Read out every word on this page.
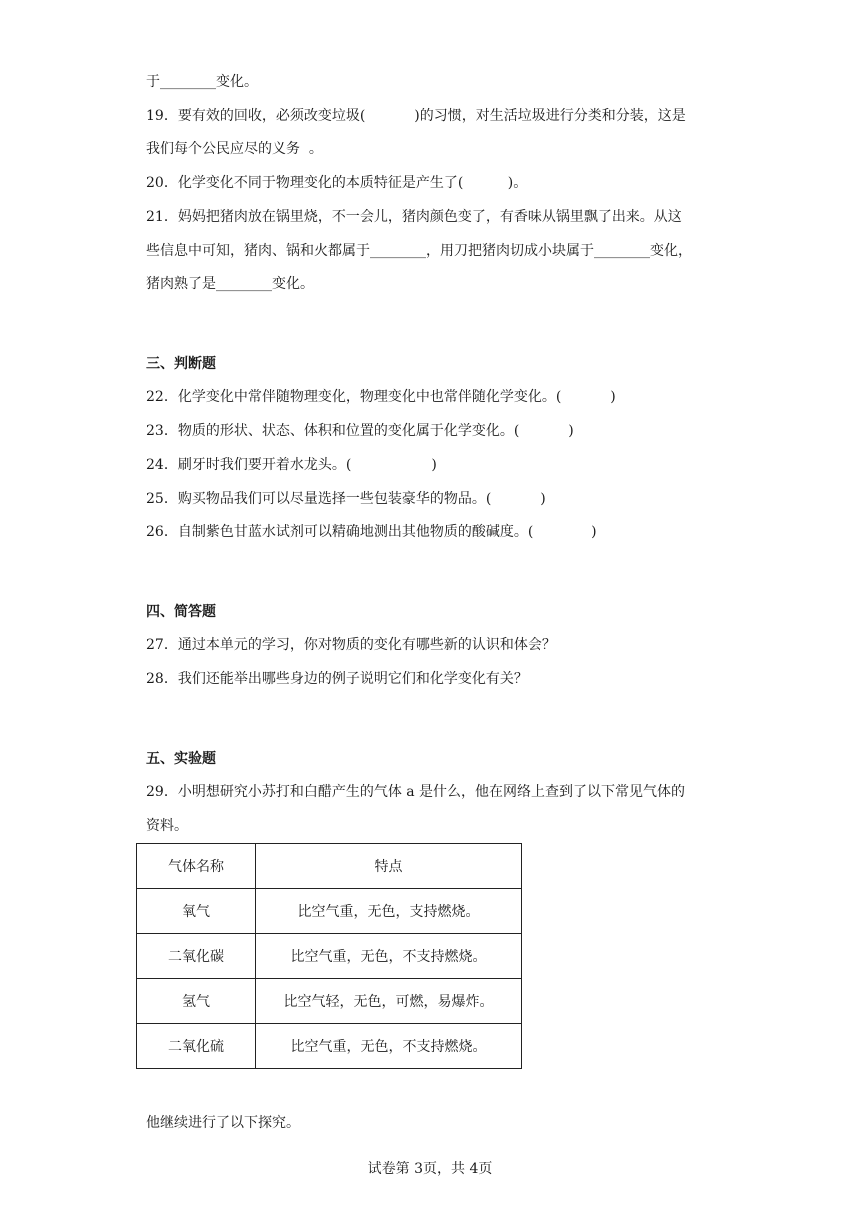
于________变化。
19．要有效的回收，必须改变垃圾(           )的习惯，对生活垃圾进行分类和分装，这是
我们每个公民应尽的义务  。
20．化学变化不同于物理变化的本质特征是产生了(          )。
21．妈妈把猪肉放在锅里烧，不一会儿，猪肉颜色变了，有香味从锅里飘了出来。从这
些信息中可知，猪肉、锅和火都属于________，用刀把猪肉切成小块属于________变化，
猪肉熟了是________变化。
三、判断题
22．化学变化中常伴随物理变化，物理变化中也常伴随化学变化。(           )
23．物质的形状、状态、体积和位置的变化属于化学变化。(           )
24．刷牙时我们要开着水龙头。(                  )
25．购买物品我们可以尽量选择一些包装豪华的物品。(           )
26．自制紫色甘蓝水试剂可以精确地测出其他物质的酸碱度。(             )
四、简答题
27．通过本单元的学习，你对物质的变化有哪些新的认识和体会？
28．我们还能举出哪些身边的例子说明它们和化学变化有关？
五、实验题
29．小明想研究小苏打和白醋产生的气体 a 是什么，他在网络上查到了以下常见气体的
资料。
气体名称	特点
氧气	比空气重，无色，支持燃烧。
二氧化碳	比空气重，无色，不支持燃烧。
氢气	比空气轻，无色，可燃，易爆炸。
二氧化硫	比空气重，无色，不支持燃烧。
他继续进行了以下探究。
试卷第 3页，共 4页
